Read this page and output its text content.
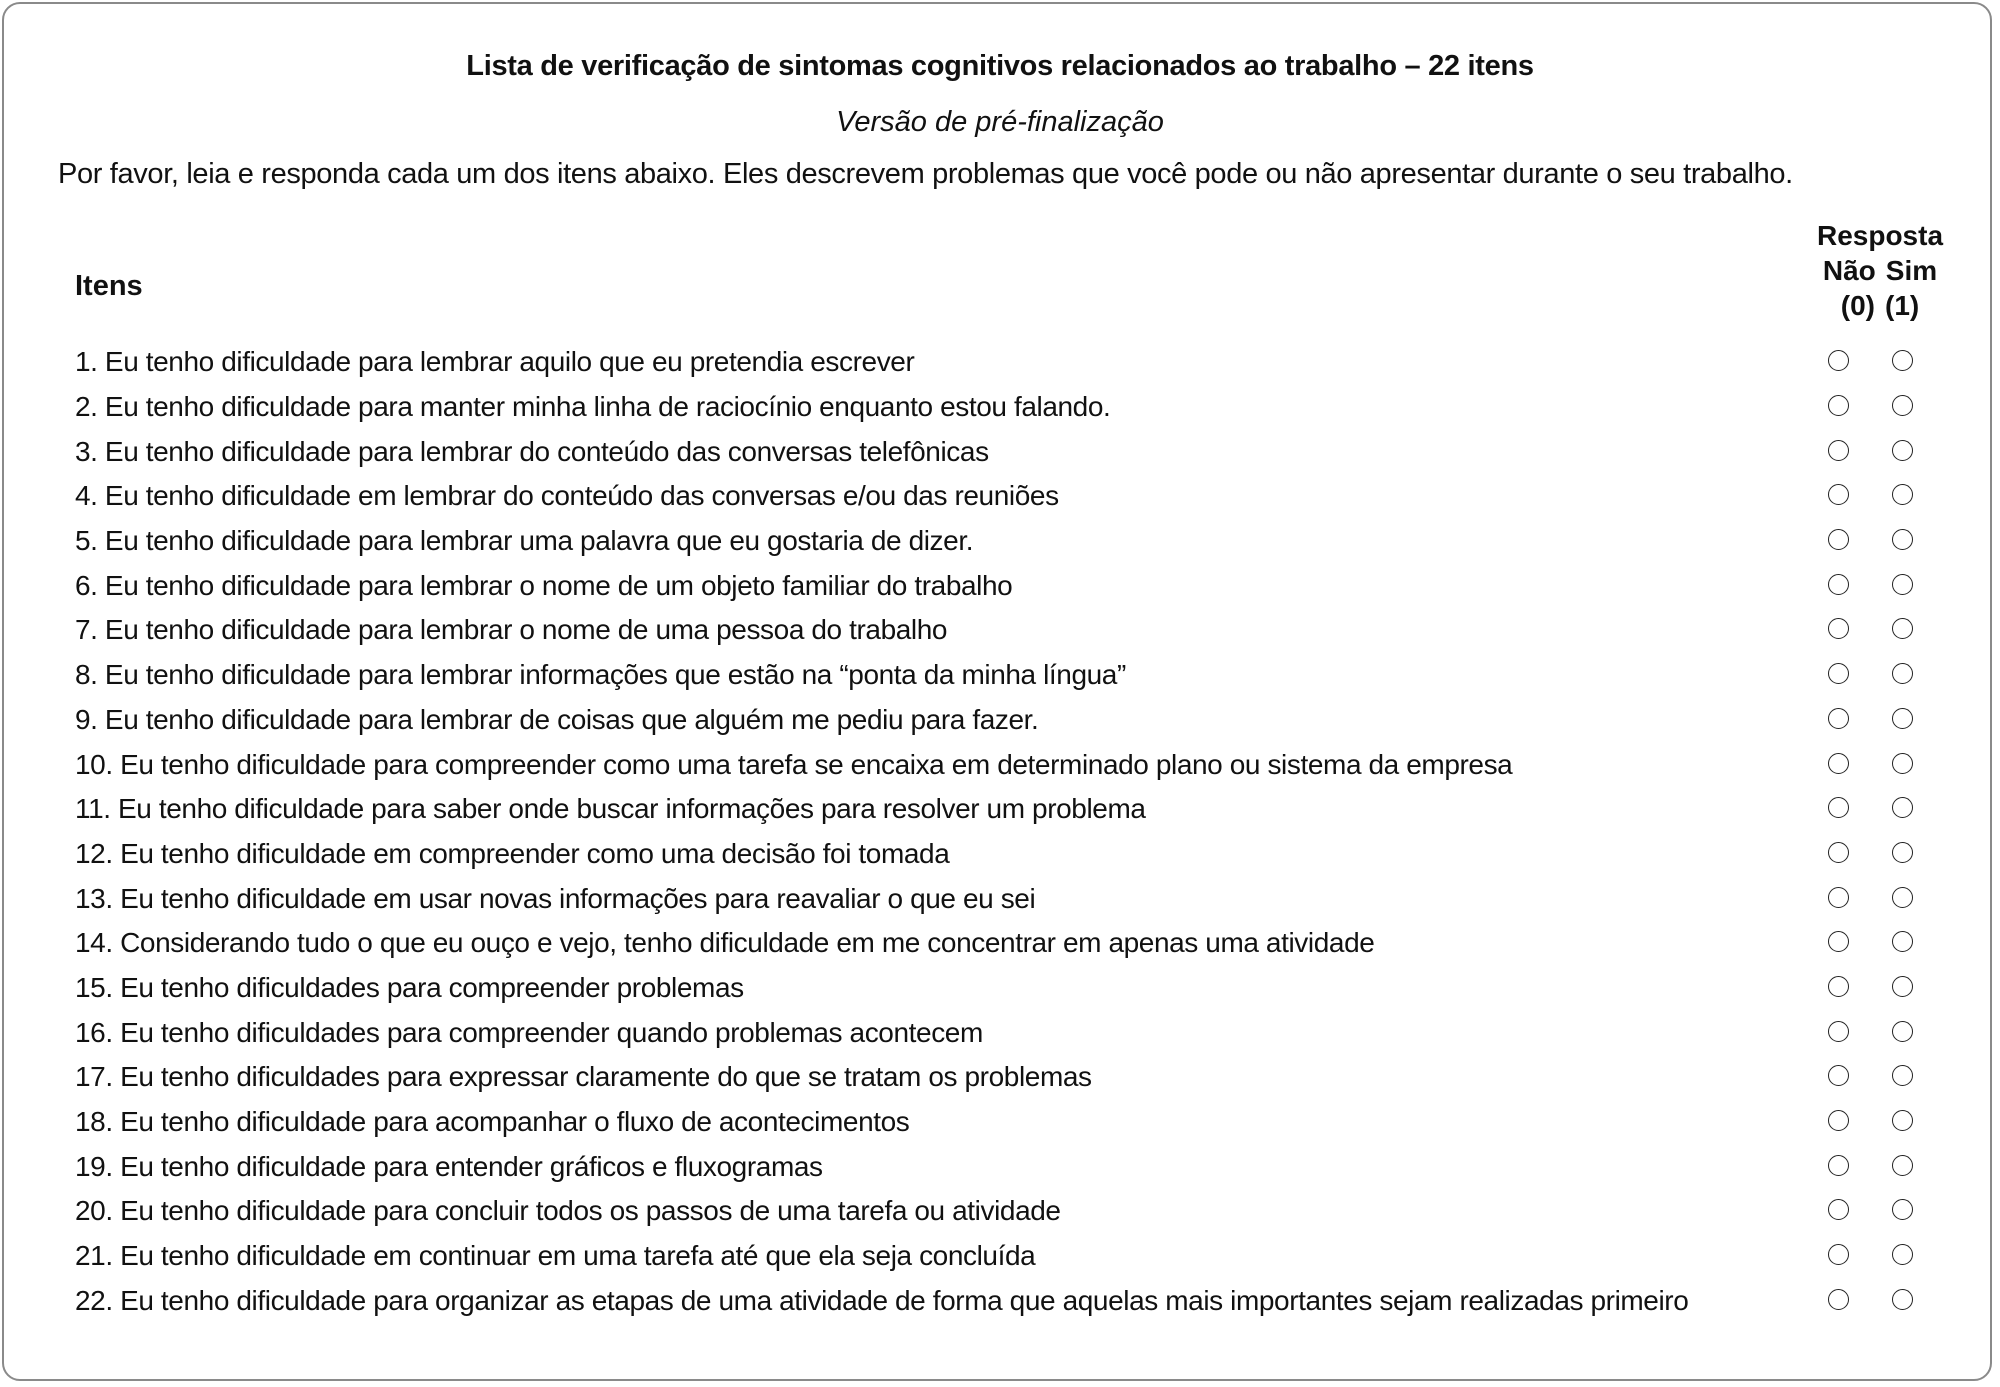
Lista de verificação de sintomas cognitivos relacionados ao trabalho – 22 itens
Versão de pré-finalização
Por favor, leia e responda cada um dos itens abaixo. Eles descrevem problemas que você pode ou não apresentar durante o seu trabalho.
Itens
Resposta
Não Sim
(0) (1)
1. Eu tenho dificuldade para lembrar aquilo que eu pretendia escrever
2. Eu tenho dificuldade para manter minha linha de raciocínio enquanto estou falando.
3. Eu tenho dificuldade para lembrar do conteúdo das conversas telefônicas
4. Eu tenho dificuldade em lembrar do conteúdo das conversas e/ou das reuniões
5. Eu tenho dificuldade para lembrar uma palavra que eu gostaria de dizer.
6. Eu tenho dificuldade para lembrar o nome de um objeto familiar do trabalho
7. Eu tenho dificuldade para lembrar o nome de uma pessoa do trabalho
8. Eu tenho dificuldade para lembrar informações que estão na “ponta da minha língua”
9. Eu tenho dificuldade para lembrar de coisas que alguém me pediu para fazer.
10. Eu tenho dificuldade para compreender como uma tarefa se encaixa em determinado plano ou sistema da empresa
11. Eu tenho dificuldade para saber onde buscar informações para resolver um problema
12. Eu tenho dificuldade em compreender como uma decisão foi tomada
13. Eu tenho dificuldade em usar novas informações para reavaliar o que eu sei
14. Considerando tudo o que eu ouço e vejo, tenho dificuldade em me concentrar em apenas uma atividade
15. Eu tenho dificuldades para compreender problemas
16. Eu tenho dificuldades para compreender quando problemas acontecem
17. Eu tenho dificuldades para expressar claramente do que se tratam os problemas
18. Eu tenho dificuldade para acompanhar o fluxo de acontecimentos
19. Eu tenho dificuldade para entender gráficos e fluxogramas
20. Eu tenho dificuldade para concluir todos os passos de uma tarefa ou atividade
21. Eu tenho dificuldade em continuar em uma tarefa até que ela seja concluída
22. Eu tenho dificuldade para organizar as etapas de uma atividade de forma que aquelas mais importantes sejam realizadas primeiro
